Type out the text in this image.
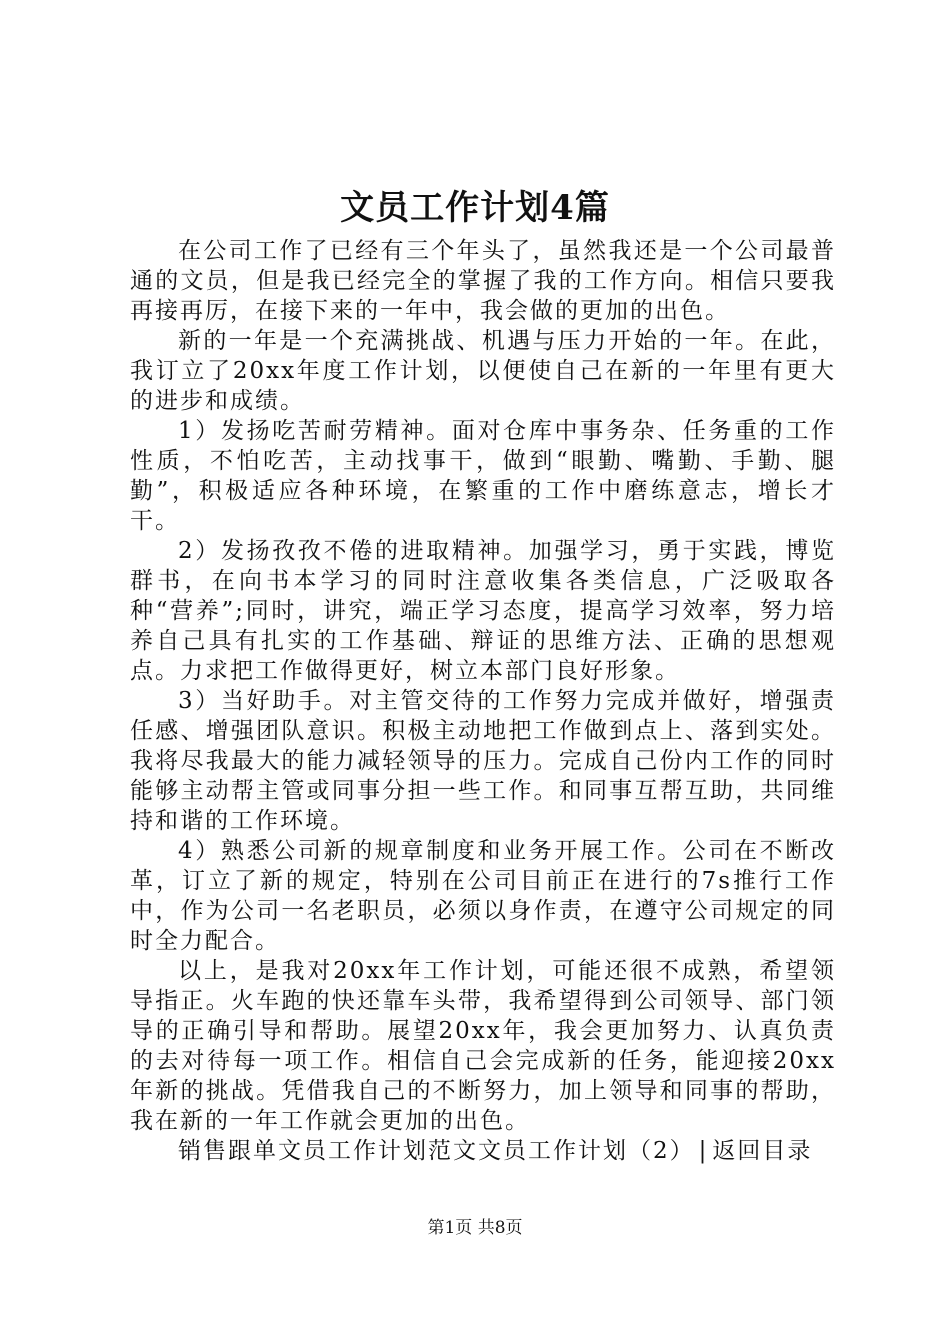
文员工作计划4篇

在公司工作了已经有三个年头了，虽然我还是一个公司最普通的文员，但是我已经完全的掌握了我的工作方向。相信只要我再接再厉，在接下来的一年中，我会做的更加的出色。

新的一年是一个充满挑战、机遇与压力开始的一年。在此，我订立了20xx年度工作计划，以便使自己在新的一年里有更大的进步和成绩。

1）发扬吃苦耐劳精神。面对仓库中事务杂、任务重的工作性质，不怕吃苦，主动找事干，做到“眼勤、嘴勤、手勤、腿勤”，积极适应各种环境，在繁重的工作中磨练意志，增长才干。

2）发扬孜孜不倦的进取精神。加强学习，勇于实践，博览群书，在向书本学习的同时注意收集各类信息，广泛吸取各种“营养”;同时，讲究，端正学习态度，提高学习效率，努力培养自己具有扎实的工作基础、辩证的思维方法、正确的思想观点。力求把工作做得更好，树立本部门良好形象。

3）当好助手。对主管交待的工作努力完成并做好，增强责任感、增强团队意识。积极主动地把工作做到点上、落到实处。我将尽我最大的能力减轻领导的压力。完成自己份内工作的同时能够主动帮主管或同事分担一些工作。和同事互帮互助，共同维持和谐的工作环境。

4）熟悉公司新的规章制度和业务开展工作。公司在不断改革，订立了新的规定，特别在公司目前正在进行的7s推行工作中，作为公司一名老职员，必须以身作责，在遵守公司规定的同时全力配合。

以上，是我对20xx年工作计划，可能还很不成熟，希望领导指正。火车跑的快还靠车头带，我希望得到公司领导、部门领导的正确引导和帮助。展望20xx年，我会更加努力、认真负责的去对待每一项工作。相信自己会完成新的任务，能迎接20xx年新的挑战。凭借我自己的不断努力，加上领导和同事的帮助，我在新的一年工作就会更加的出色。

销售跟单文员工作计划范文文员工作计划（2） | 返回目录

第1页 共8页
